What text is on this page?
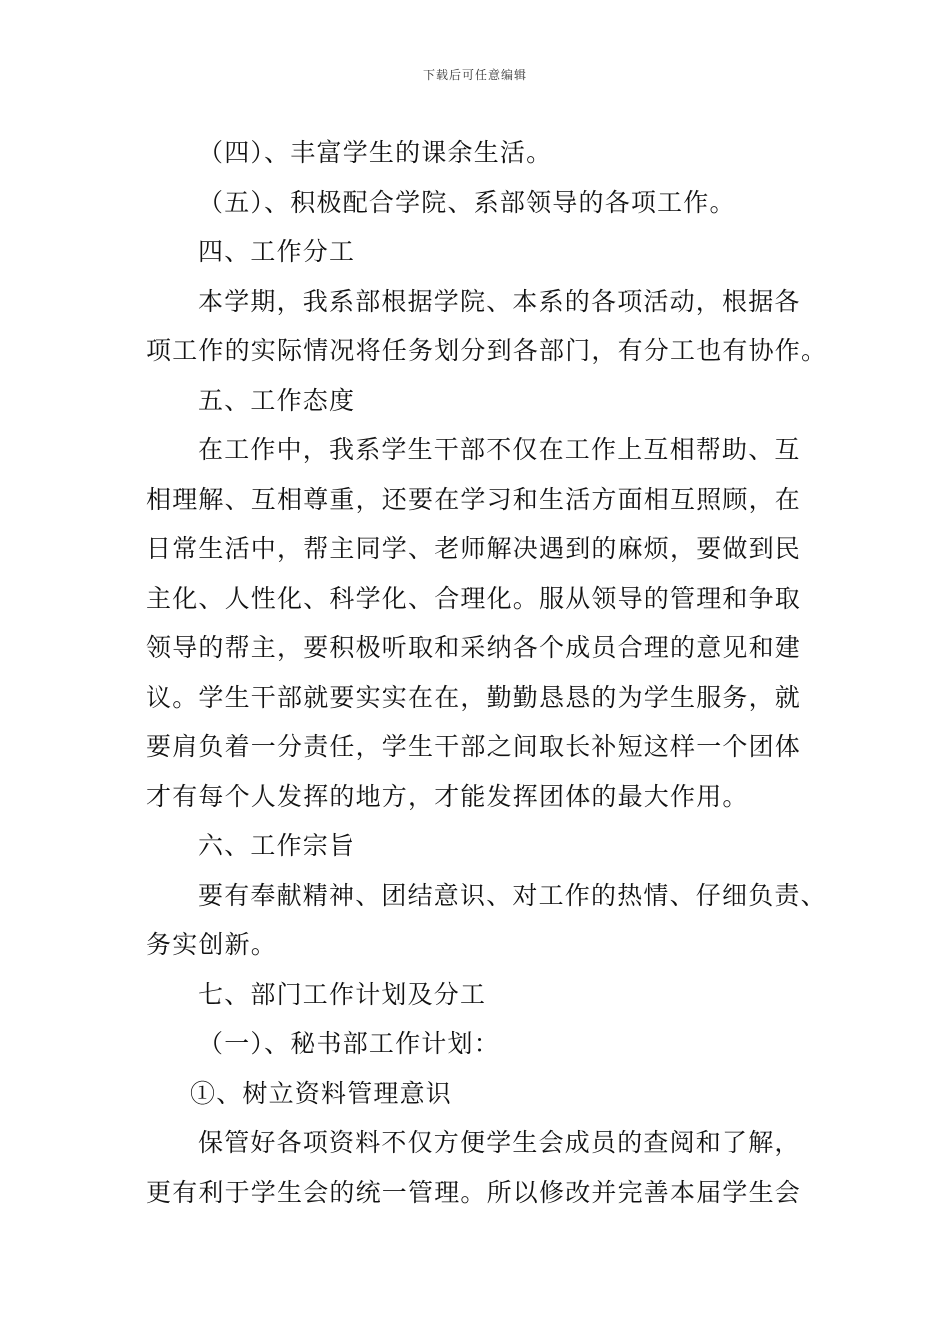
下载后可任意编辑
（四）、丰富学生的课余生活。
（五）、积极配合学院、系部领导的各项工作。
四、工作分工
本学期，我系部根据学院、本系的各项活动，根据各
项工作的实际情况将任务划分到各部门，有分工也有协作。
五、工作态度
在工作中，我系学生干部不仅在工作上互相帮助、互
相理解、互相尊重，还要在学习和生活方面相互照顾，在
日常生活中，帮主同学、老师解决遇到的麻烦，要做到民
主化、人性化、科学化、合理化。服从领导的管理和争取
领导的帮主，要积极听取和采纳各个成员合理的意见和建
议。学生干部就要实实在在，勤勤恳恳的为学生服务，就
要肩负着一分责任，学生干部之间取长补短这样一个团体
才有每个人发挥的地方，才能发挥团体的最大作用。
六、工作宗旨
要有奉献精神、团结意识、对工作的热情、仔细负责、
务实创新。
七、部门工作计划及分工
（一）、秘书部工作计划：
①、树立资料管理意识
保管好各项资料不仅方便学生会成员的查阅和了解，
更有利于学生会的统一管理。所以修改并完善本届学生会
